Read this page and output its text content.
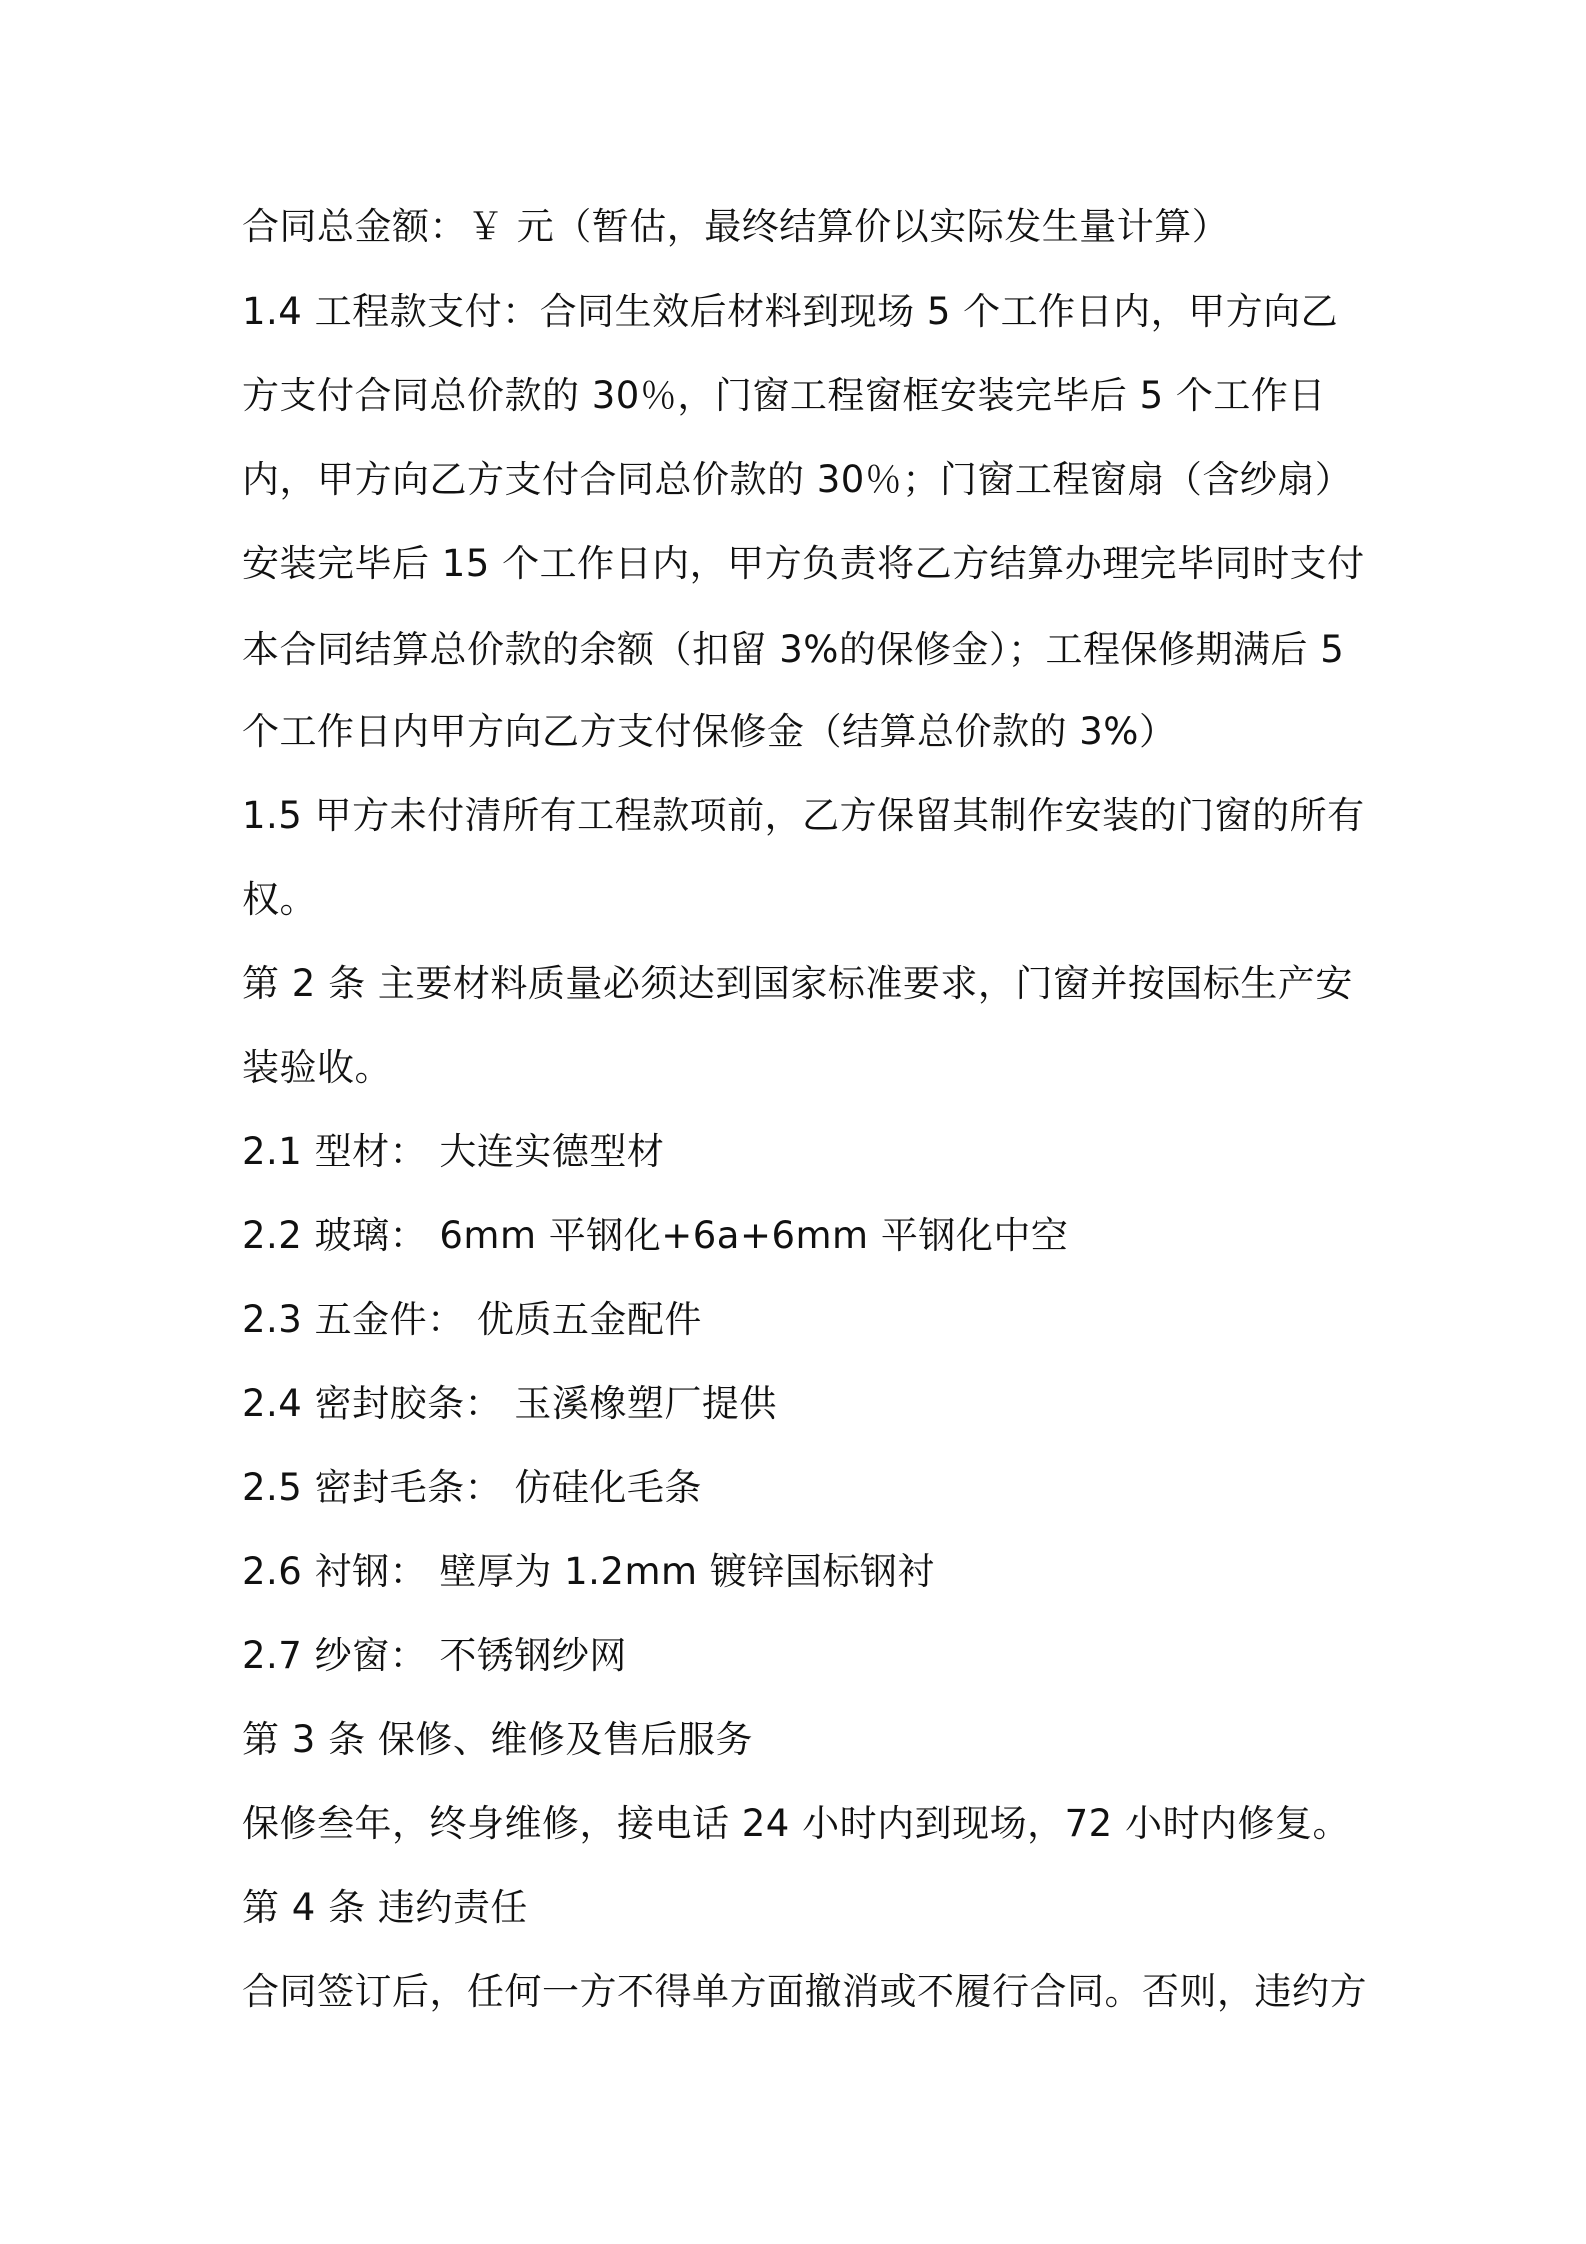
合同总金额：￥ 元（暂估，最终结算价以实际发生量计算）
1.4 工程款支付：合同生效后材料到现场 5 个工作日内，甲方向乙
方支付合同总价款的 30％，门窗工程窗框安装完毕后 5 个工作日
内，甲方向乙方支付合同总价款的 30％；门窗工程窗扇（含纱扇）
安装完毕后 15 个工作日内，甲方负责将乙方结算办理完毕同时支付
本合同结算总价款的余额（扣留 3%的保修金）；工程保修期满后 5
个工作日内甲方向乙方支付保修金（结算总价款的 3%）
1.5 甲方未付清所有工程款项前，乙方保留其制作安装的门窗的所有
权。
第 2 条 主要材料质量必须达到国家标准要求，门窗并按国标生产安
装验收。
2.1 型材： 大连实德型材
2.2 玻璃： 6mm 平钢化+6a+6mm 平钢化中空
2.3 五金件： 优质五金配件
2.4 密封胶条： 玉溪橡塑厂提供
2.5 密封毛条： 仿硅化毛条
2.6 衬钢： 壁厚为 1.2mm 镀锌国标钢衬
2.7 纱窗： 不锈钢纱网
第 3 条 保修、维修及售后服务
保修叁年，终身维修，接电话 24 小时内到现场，72 小时内修复。
第 4 条 违约责任
合同签订后，任何一方不得单方面撤消或不履行合同。否则，违约方
